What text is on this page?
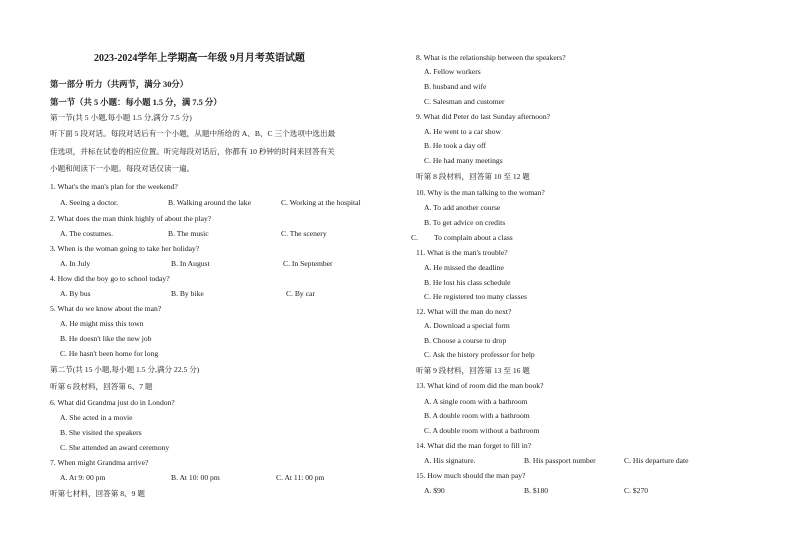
2023-2024学年上学期高一年级 9月月考英语试题
第一部分 听力（共两节，满分 30分）
第一节（共 5 小题：每小题 1.5 分，满 7.5 分）
第一节(共 5 小题,每小题 1.5 分,满分 7.5 分)
听下面 5 段对话。每段对话后有一个小题，从题中所给的 A、B、C 三个选项中选出最
佳选项，并标在试卷的相应位置。听完每段对话后，你都有 10 秒钟的时间来回答有关
小题和阅读下一小题。每段对话仅读一遍。
1. What's the man's plan for the weekend?
A. Seeing a doctor.	B. Walking around the lake	C. Working at the hospital
2. What does the man think highly of about the play?
A. The costumes.	B. The music	C. The scenery
3. When is the woman going to take her holiday?
A. In July	B. In August	C. In September
4. How did the boy go to school today?
A. By bus	B. By bike	C. By car
5. What do we know about the man?
A. He might miss this town
B. He doesn't like the new job
C. He hasn't been home for long
第二节(共 15 小题,每小题 1.5 分,满分 22.5 分)
听第 6 段材料，回答第 6、7 题
6. What did Grandma just do in London?
A. She acted in a movie
B. She visited the speakers
C. She attended an award ceremony
7. When might Grandma arrive?
A. At 9: 00 pm	B. At 10: 00 pm	C. At 11: 00 pm
听第七材料，回答第 8、9 题
8. What is the relationship between the speakers?
A. Fellow workers
B. husband and wife
C. Salesman and customer
9. What did Peter do last Sunday afternoon?
A. He went to a car show
B. He took a day off
C. He had many meetings
听第 8 段材料，回答第 10 至 12 题
10. Why is the man talking to the woman?
A. To add another course
B. To get advice on credits
C. To complain about a class
11. What is the man's trouble?
A. He missed the deadline
B. He lost his class schedule
C. He registered too many classes
12. What will the man do next?
A. Download a special form
B. Choose a course to drop
C. Ask the history professor for help
听第 9 段材料，回答第 13 至 16 题
13. What kind of room did the man book?
A. A single room with a bathroom
B. A double room with a bathroom
C. A double room without a bathroom
14. What did the man forget to fill in?
A. His signature.	B. His passport number	C. His departure date
15. How much should the man pay?
A. $90	B. $180	C. $270
